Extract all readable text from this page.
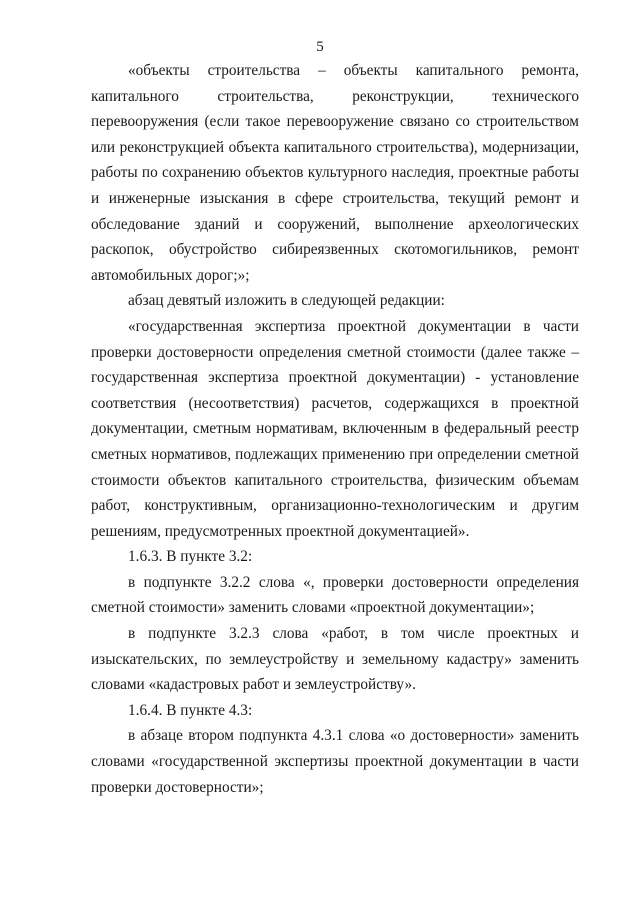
5

«объекты строительства – объекты капитального ремонта, капитального строительства, реконструкции, технического перевооружения (если такое перевооружение связано со строительством или реконструкцией объекта капитального строительства), модернизации, работы по сохранению объектов культурного наследия, проектные работы и инженерные изыскания в сфере строительства, текущий ремонт и обследование зданий и сооружений, выполнение археологических раскопок, обустройство сибиреязвенных скотомогильников, ремонт автомобильных дорог;»;

абзац девятый изложить в следующей редакции:

«государственная экспертиза проектной документации в части проверки достоверности определения сметной стоимости (далее также – государственная экспертиза проектной документации) - установление соответствия (несоответствия) расчетов, содержащихся в проектной документации, сметным нормативам, включенным в федеральный реестр сметных нормативов, подлежащих применению при определении сметной стоимости объектов капитального строительства, физическим объемам работ, конструктивным, организационно-технологическим и другим решениям, предусмотренных проектной документацией».

1.6.3. В пункте 3.2:

в подпункте 3.2.2 слова «, проверки достоверности определения сметной стоимости» заменить словами «проектной документации»;

в подпункте 3.2.3 слова «работ, в том числе проектных и изыскательских, по землеустройству и земельному кадастру» заменить словами «кадастровых работ и землеустройству».

1.6.4. В пункте 4.3:

в абзаце втором подпункта 4.3.1 слова «о достоверности» заменить словами «государственной экспертизы проектной документации в части проверки достоверности»;
